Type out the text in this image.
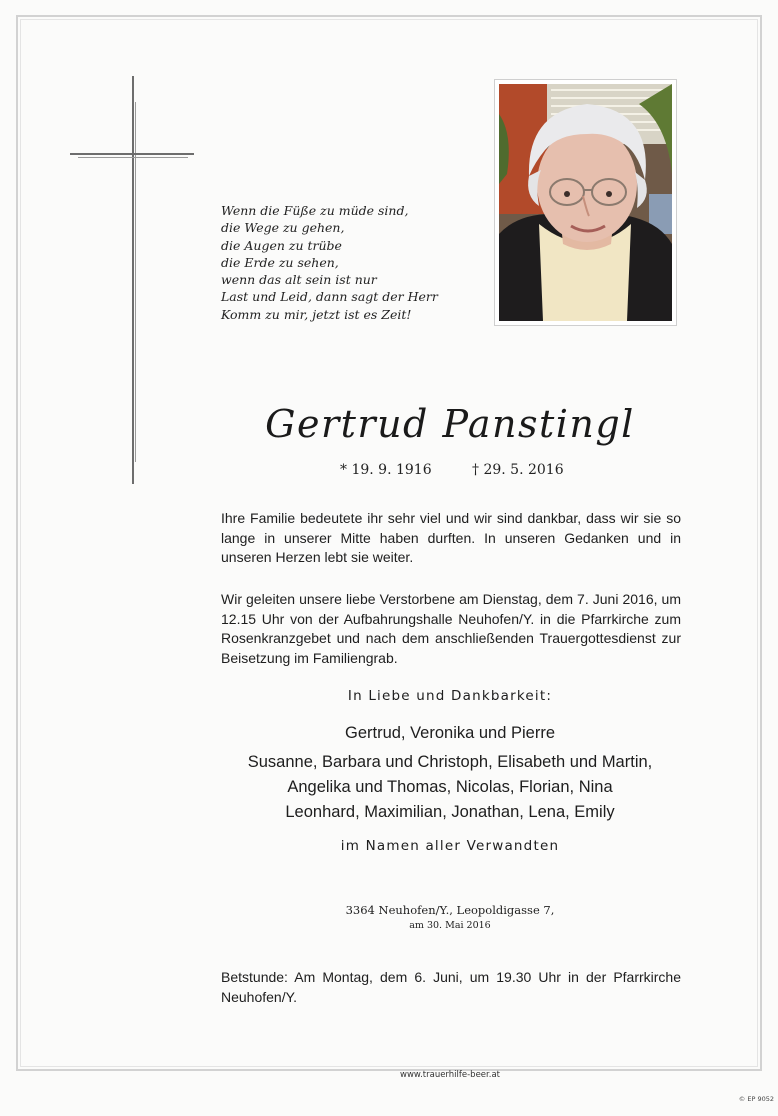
Wenn die Füße zu müde sind,
die Wege zu gehen,
die Augen zu trübe
die Erde zu sehen,
wenn das alt sein ist nur
Last und Leid, dann sagt der Herr
Komm zu mir, jetzt ist es Zeit!
Gertrud Panstingl
* 19. 9. 1916	† 29. 5. 2016
Ihre Familie bedeutete ihr sehr viel und wir sind dankbar, dass wir sie so lange in unserer Mitte haben durften. In unseren Gedanken und in unseren Herzen lebt sie weiter.
Wir geleiten unsere liebe Verstorbene am Dienstag, dem 7. Juni 2016, um 12.15 Uhr von der Aufbahrungshalle Neuhofen/Y. in die Pfarrkirche zum Rosenkranzgebet und nach dem anschließenden Trauergottesdienst zur Beisetzung im Familiengrab.
In Liebe und Dankbarkeit:
Gertrud, Veronika und Pierre
Susanne, Barbara und Christoph, Elisabeth und Martin,
Angelika und Thomas, Nicolas, Florian, Nina
Leonhard, Maximilian, Jonathan, Lena, Emily
im Namen aller Verwandten
3364 Neuhofen/Y., Leopoldigasse 7,
am 30. Mai 2016
Betstunde: Am Montag, dem 6. Juni, um 19.30 Uhr in der Pfarrkirche Neuhofen/Y.
www.trauerhilfe-beer.at
© EP 9052
